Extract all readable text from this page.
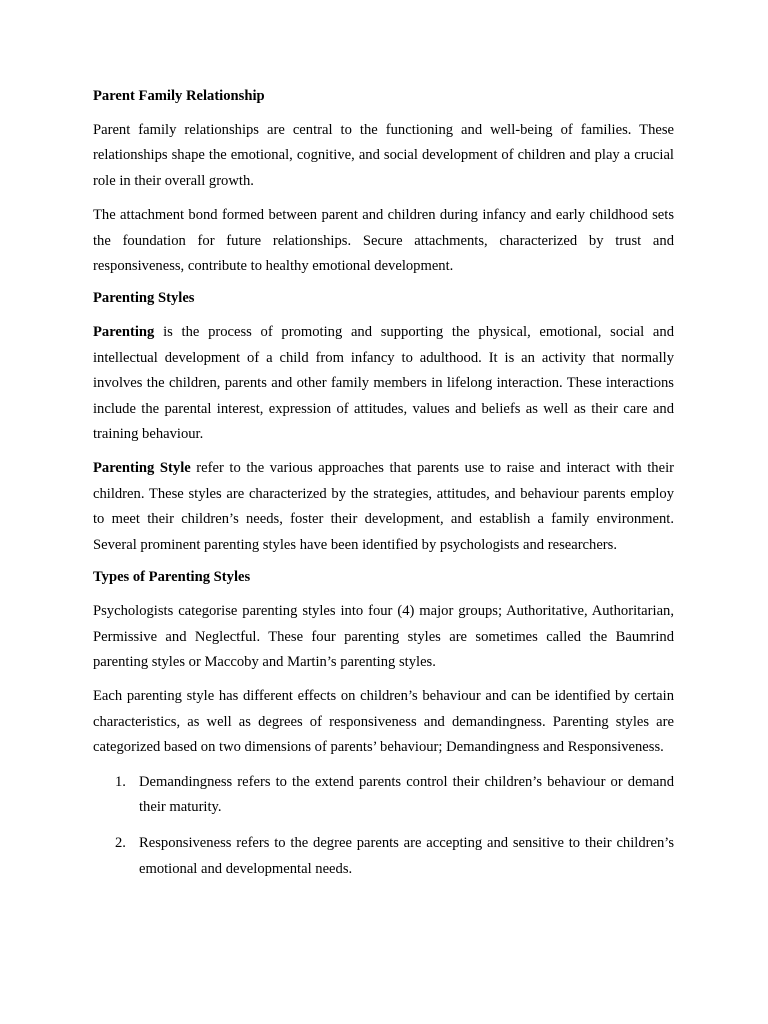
Parent Family Relationship

Parent family relationships are central to the functioning and well-being of families. These relationships shape the emotional, cognitive, and social development of children and play a crucial role in their overall growth.

The attachment bond formed between parent and children during infancy and early childhood sets the foundation for future relationships. Secure attachments, characterized by trust and responsiveness, contribute to healthy emotional development.

Parenting Styles

Parenting is the process of promoting and supporting the physical, emotional, social and intellectual development of a child from infancy to adulthood. It is an activity that normally involves the children, parents and other family members in lifelong interaction. These interactions include the parental interest, expression of attitudes, values and beliefs as well as their care and training behaviour.

Parenting Style refer to the various approaches that parents use to raise and interact with their children. These styles are characterized by the strategies, attitudes, and behaviour parents employ to meet their children’s needs, foster their development, and establish a family environment. Several prominent parenting styles have been identified by psychologists and researchers.

Types of Parenting Styles

Psychologists categorise parenting styles into four (4) major groups; Authoritative, Authoritarian, Permissive and Neglectful. These four parenting styles are sometimes called the Baumrind parenting styles or Maccoby and Martin’s parenting styles.

Each parenting style has different effects on children’s behaviour and can be identified by certain characteristics, as well as degrees of responsiveness and demandingness. Parenting styles are categorized based on two dimensions of parents’ behaviour; Demandingness and Responsiveness.

1. Demandingness refers to the extend parents control their children’s behaviour or demand their maturity.
2. Responsiveness refers to the degree parents are accepting and sensitive to their children’s emotional and developmental needs.
